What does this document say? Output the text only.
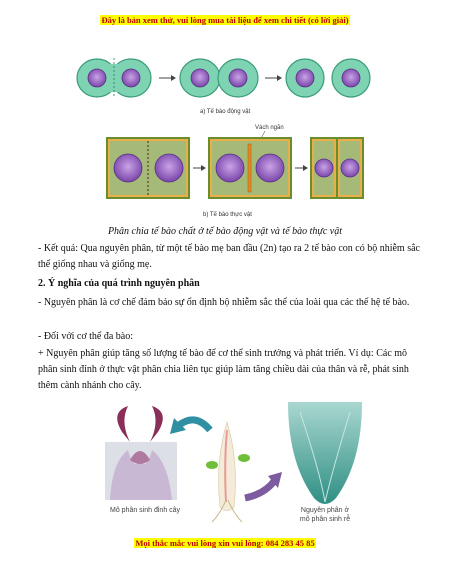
Đây là bản xem thử, vui lòng mua tài liệu để xem chi tiết (có lời giải)
a) Tế bào động vật
Vách ngăn
b) Tế bào thực vật
Phân chia tế bào chất ở tế bào động vật và tế bào thực vật
- Kết quả: Qua nguyên phân, từ một tế bào mẹ ban đầu (2n) tạo ra 2 tế bào con có bộ nhiễm sắc thể giống nhau và giống mẹ.
2. Ý nghĩa của quá trình nguyên phân
- Nguyên phân là cơ chế đảm bảo sự ổn định bộ nhiễm sắc thể của loài qua các thế hệ tế bào.
- Đối với cơ thể đa bào:
+ Nguyên phân giúp tăng số lượng tế bào để cơ thể sinh trưởng và phát triển. Ví dụ: Các mô phân sinh đỉnh ở thực vật phân chia liên tục giúp làm tăng chiều dài của thân và rễ, phát sinh thêm cành nhánh cho cây.
Mô phân sinh đỉnh cây	Nguyên phân ở
mô phân sinh rễ
Mọi thắc mắc vui lòng xin vui lòng: 084 283 45 85
